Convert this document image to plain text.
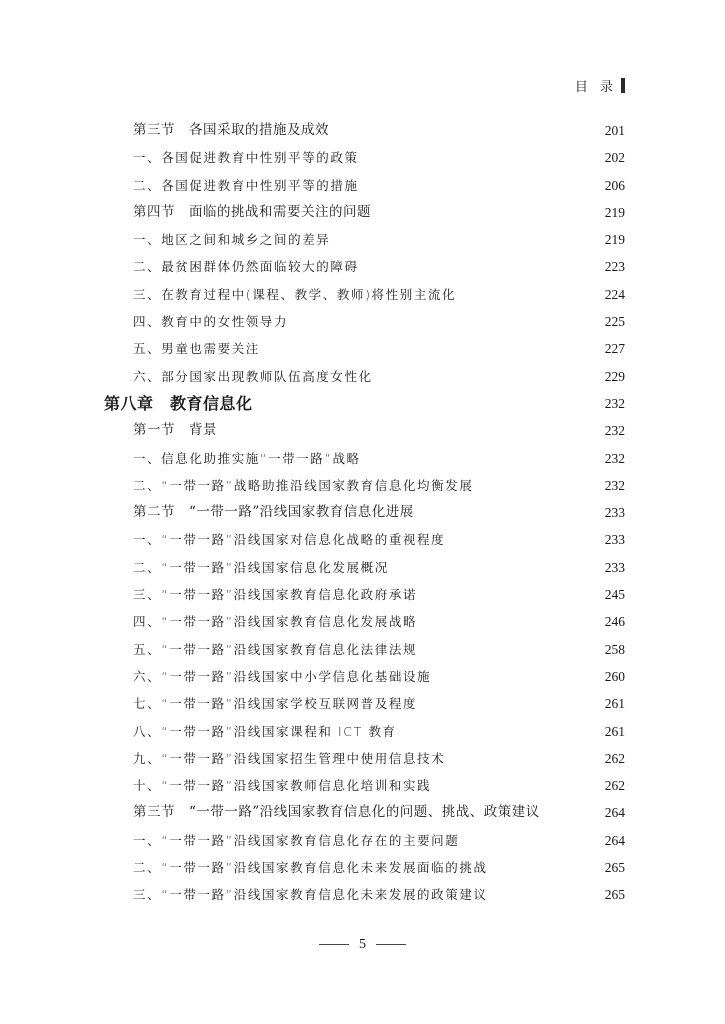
目 录
第三节　各国采取的措施及成效	201
一、各国促进教育中性别平等的政策	202
二、各国促进教育中性别平等的措施	206
第四节　面临的挑战和需要关注的问题	219
一、地区之间和城乡之间的差异	219
二、最贫困群体仍然面临较大的障碍	223
三、在教育过程中(课程、教学、教师)将性别主流化	224
四、教育中的女性领导力	225
五、男童也需要关注	227
六、部分国家出现教师队伍高度女性化	229
第八章　教育信息化	232
第一节　背景	232
一、信息化助推实施“一带一路”战略	232
二、“一带一路”战略助推沿线国家教育信息化均衡发展	232
第二节　“一带一路”沿线国家教育信息化进展	233
一、“一带一路”沿线国家对信息化战略的重视程度	233
二、“一带一路”沿线国家信息化发展概况	233
三、“一带一路”沿线国家教育信息化政府承诺	245
四、“一带一路”沿线国家教育信息化发展战略	246
五、“一带一路”沿线国家教育信息化法律法规	258
六、“一带一路”沿线国家中小学信息化基础设施	260
七、“一带一路”沿线国家学校互联网普及程度	261
八、“一带一路”沿线国家课程和 ICT 教育	261
九、“一带一路”沿线国家招生管理中使用信息技术	262
十、“一带一路”沿线国家教师信息化培训和实践	262
第三节　“一带一路”沿线国家教育信息化的问题、挑战、政策建议	264
一、“一带一路”沿线国家教育信息化存在的主要问题	264
二、“一带一路”沿线国家教育信息化未来发展面临的挑战	265
三、“一带一路”沿线国家教育信息化未来发展的政策建议	265
5
